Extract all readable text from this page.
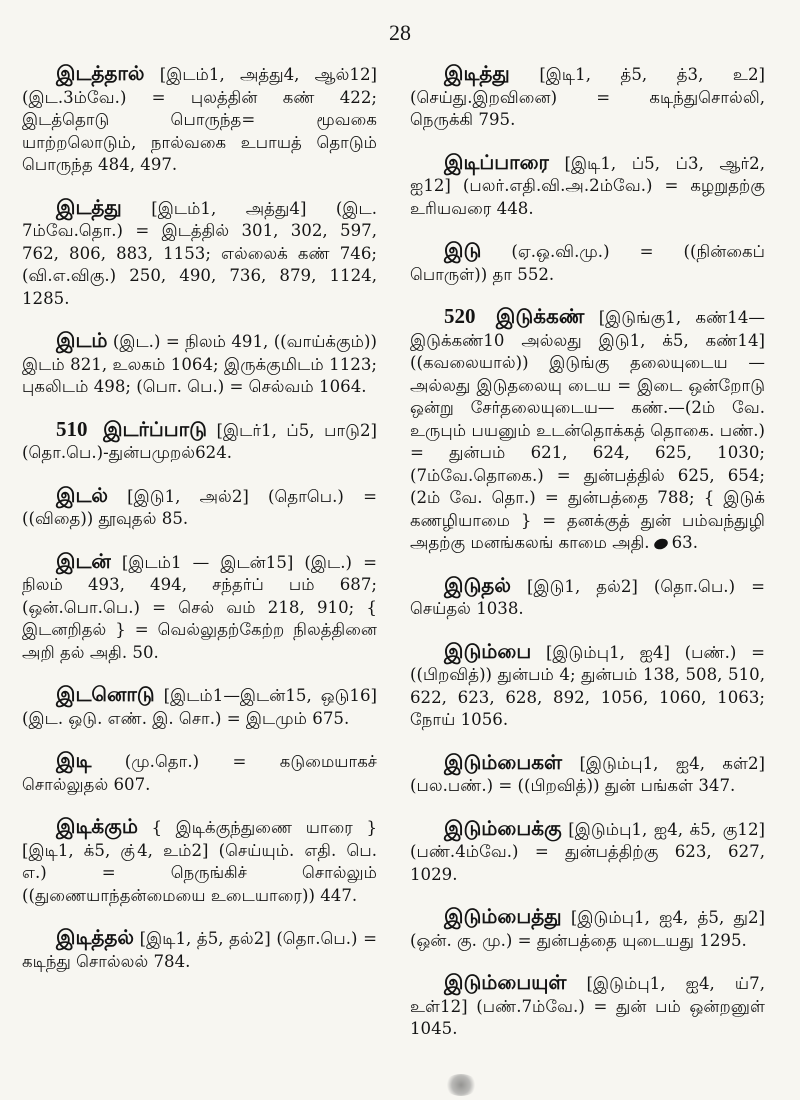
28

இடத்தால் [இடம்1, அத்து4, ஆல்12] (இட.3ம்வே.) = புலத்தின் கண் 422; இடத்தொடு பொருந்த= மூவகை யாற்றலொடும், நால்வகை உபாயத் தொடும் பொருந்த 484, 497.

இடத்து [இடம்1, அத்து4] (இட. 7ம்வே.தொ.) = இடத்தில் 301, 302, 597, 762, 806, 883, 1153; எல்லைக் கண் 746; (வி.எ.விகு.) 250, 490, 736, 879, 1124, 1285.

இடம் (இட.) = நிலம் 491, ((வாய்க்கும்)) இடம் 821, உலகம் 1064; இருக்குமிடம் 1123; புகலிடம் 498; (பொ. பெ.) = செல்வம் 1064.

510 இடர்ப்பாடு [இடர்1, ப்5, பாடு2] (தொ.பெ.)-துன்பமுறல்624.

இடல் [இடு1, அல்2] (தொபெ.) = ((விதை)) தூவுதல் 85.

இடன் [இடம்1 — இடன்15] (இட.) = நிலம் 493, 494, சந்தர்ப் பம் 687; (ஒன்.பொ.பெ.) = செல் வம் 218, 910; { இடனறிதல் } = வெல்லுதற்கேற்ற நிலத்தினை அறி தல் அதி. 50.

இடனொடு [இடம்1—இடன்15, ஒடு16] (இட. ஒடு. எண். இ. சொ.) = இடமும் 675.

இடி (மு.தொ.) = கடுமையாகச் சொல்லுதல் 607.

இடிக்கும் { இடிக்குந்துணை யாரை } [இடி1, க்5, கு்4, உம்2] (செய்யும். எதி. பெ. எ.) = நெருங்கிச் சொல்லும் ((துணையாந்தன்மையை உடையாரை)) 447.

இடித்தல் [இடி1, த்5, தல்2] (தொ.பெ.) = கடிந்து சொல்லல் 784.

இடித்து [இடி1, த்5, த்3, உ2] (செய்து.இறவினை) = கடிந்துசொல்லி, நெருக்கி 795.

இடிப்பாரை [இடி1, ப்5, ப்3, ஆர்2, ஐ12] (பலர்.எதி.வி.அ.2ம்வே.) = கழறுதற்கு உரியவரை 448.

இடு (ஏ.ஒ.வி.மு.) = ((நின்கைப் பொருள்)) தா 552.

520 இடுக்கண் [இடுங்கு1, கண்14—இடுக்கண்10 அல்லது இடு1, க்5, கண்14] ((கவலையால்)) இடுங்கு தலையுடைய — அல்லது இடுதலையு டைய = இடை ஒன்றோடு ஒன்று சேர்தலையுடைய— கண்.—(2ம் வே. உருபும் பயனும் உடன்தொக்கத் தொகை. பண்.) = துன்பம் 621, 624, 625, 1030; (7ம்வே.தொகை.) = துன்பத்தில் 625, 654; (2ம் வே. தொ.) = துன்பத்தை 788; { இடுக் கணழியாமை } = தனக்குத் துன் பம்வந்துழி அதற்கு மனங்கலங் காமை அதி. 63.

இடுதல் [இடு1, தல்2] (தொ.பெ.) = செய்தல் 1038.

இடும்பை [இடும்பு1, ஐ4] (பண்.) = ((பிறவித்)) துன்பம் 4; துன்பம் 138, 508, 510, 622, 623, 628, 892, 1056, 1060, 1063; நோய் 1056.

இடும்பைகள் [இடும்பு1, ஐ4, கள்2] (பல.பண்.) = ((பிறவித்)) துன் பங்கள் 347.

இடும்பைக்கு [இடும்பு1, ஐ4, க்5, கு12] (பண்.4ம்வே.) = துன்பத்திற்கு 623, 627, 1029.

இடும்பைத்து [இடும்பு1, ஐ4, த்5, து2] (ஒன். கு. மு.) = துன்பத்தை யுடையது 1295.

இடும்பையுள் [இடும்பு1, ஐ4, ய்7, உள்12] (பண்.7ம்வே.) = துன் பம் ஒன்றனுள் 1045.
